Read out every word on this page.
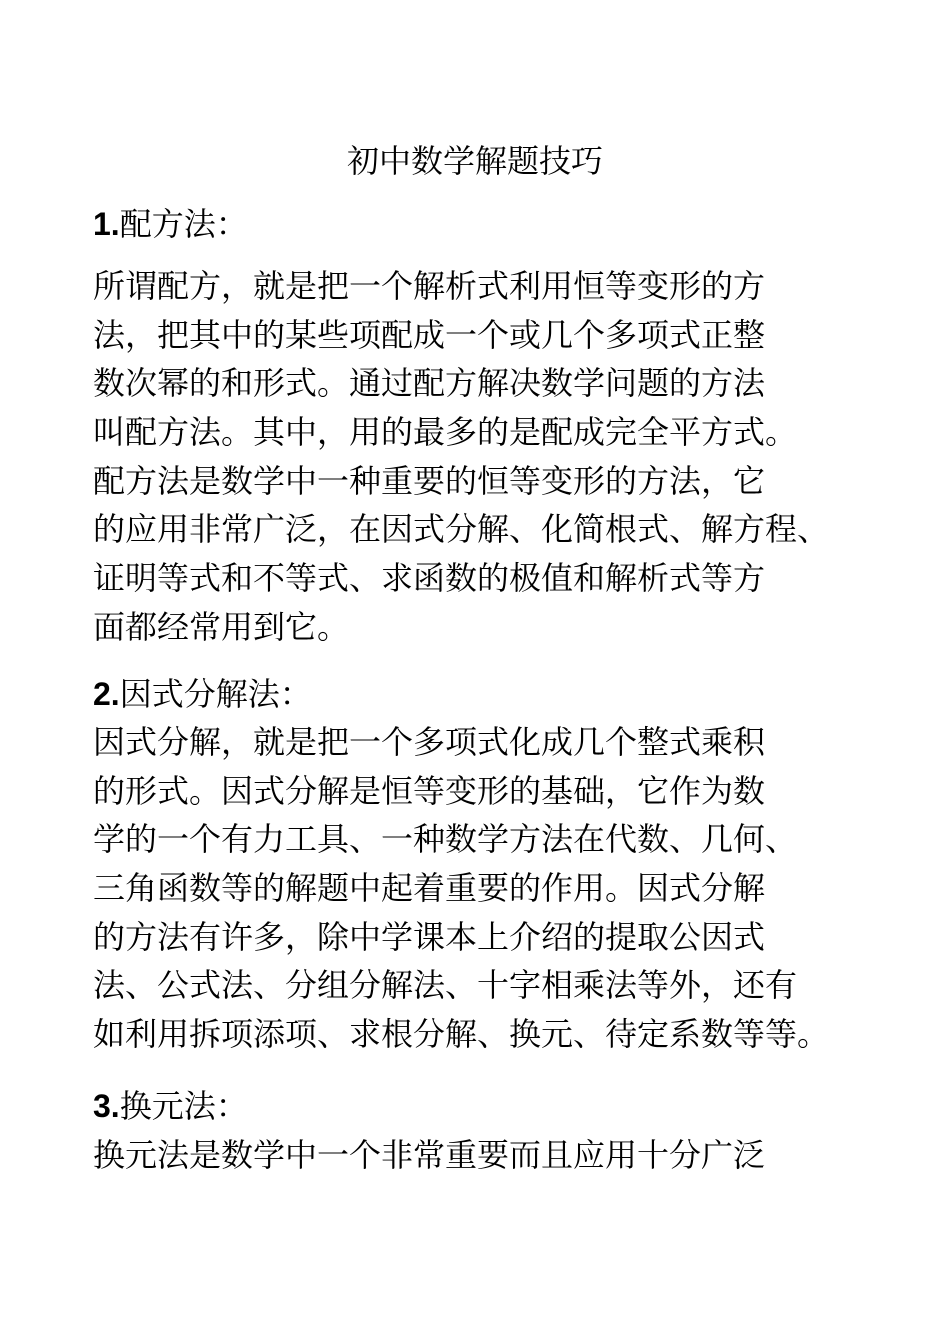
初中数学解题技巧
1.配方法：
所谓配方，就是把一个解析式利用恒等变形的方
法，把其中的某些项配成一个或几个多项式正整
数次幂的和形式。通过配方解决数学问题的方法
叫配方法。其中，用的最多的是配成完全平方式。
配方法是数学中一种重要的恒等变形的方法，它
的应用非常广泛，在因式分解、化简根式、解方程、
证明等式和不等式、求函数的极值和解析式等方
面都经常用到它。
2.因式分解法：
因式分解，就是把一个多项式化成几个整式乘积
的形式。因式分解是恒等变形的基础，它作为数
学的一个有力工具、一种数学方法在代数、几何、
三角函数等的解题中起着重要的作用。因式分解
的方法有许多，除中学课本上介绍的提取公因式
法、公式法、分组分解法、十字相乘法等外，还有
如利用拆项添项、求根分解、换元、待定系数等等。
3.换元法：
换元法是数学中一个非常重要而且应用十分广泛
